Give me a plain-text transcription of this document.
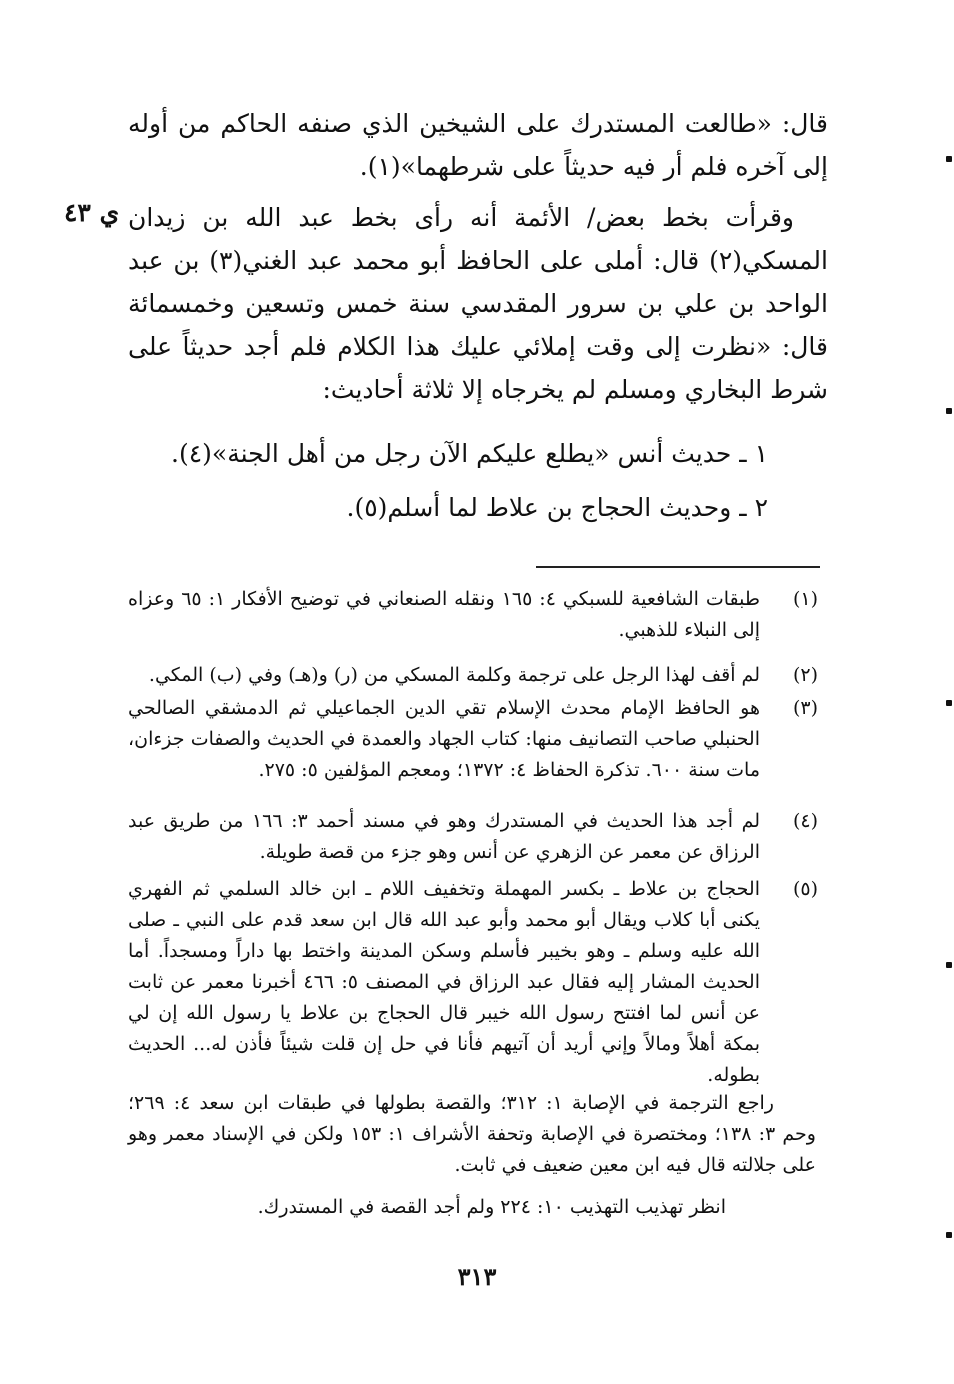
قال: «طالعت المستدرك على الشيخين الذي صنفه الحاكم من أوله إلى آخره فلم أر فيه حديثاً على شرطهما»(١).
وقرأت بخط بعض/ الأئمة أنه رأى بخط عبد الله بن زيدان المسكي(٢) قال: أملى على الحافظ أبو محمد عبد الغني(٣) بن عبد الواحد بن علي بن سرور المقدسي سنة خمس وتسعين وخمسمائة قال: «نظرت إلى وقت إملائي عليك هذا الكلام فلم أجد حديثاً على شرط البخاري ومسلم لم يخرجاه إلا ثلاثة أحاديث:
ي ٤٣
١ ـ حديث أنس «يطلع عليكم الآن رجل من أهل الجنة»(٤).
٢ ـ وحديث الحجاج بن علاط لما أسلم(٥).
(١)
طبقات الشافعية للسبكي ٤: ١٦٥ ونقله الصنعاني في توضيح الأفكار ١: ٦٥ وعزاه إلى النبلاء للذهبي.
(٢)
لم أقف لهذا الرجل على ترجمة وكلمة المسكي من (ر) و(هـ) وفي (ب) المكي.
(٣)
هو الحافظ الإمام محدث الإسلام تقي الدين الجماعيلي ثم الدمشقي الصالحي الحنبلي صاحب التصانيف منها: كتاب الجهاد والعمدة في الحديث والصفات جزءان، مات سنة ٦٠٠. تذكرة الحفاظ ٤: ١٣٧٢؛ ومعجم المؤلفين ٥: ٢٧٥.
(٤)
لم أجد هذا الحديث في المستدرك وهو في مسند أحمد ٣: ١٦٦ من طريق عبد الرزاق عن معمر عن الزهري عن أنس وهو جزء من قصة طويلة.
(٥)
الحجاج بن علاط ـ بكسر المهملة وتخفيف اللام ـ ابن خالد السلمي ثم الفهري يكنى أبا كلاب ويقال أبو محمد وأبو عبد الله قال ابن سعد قدم على النبي ـ صلى الله عليه وسلم ـ وهو بخيبر فأسلم وسكن المدينة واختط بها داراً ومسجداً. أما الحديث المشار إليه فقال عبد الرزاق في المصنف ٥: ٤٦٦ أخبرنا معمر عن ثابت عن أنس لما افتتح رسول الله خيبر قال الحجاج بن علاط يا رسول الله إن لي بمكة أهلاً ومالاً وإني أريد أن آتيهم فأنا في حل إن قلت شيئاً فأذن له... الحديث بطوله.
راجع الترجمة في الإصابة ١: ٣١٢؛ والقصة بطولها في طبقات ابن سعد ٤: ٢٦٩؛ وحم ٣: ١٣٨؛ ومختصرة في الإصابة وتحفة الأشراف ١: ١٥٣ ولكن في الإسناد معمر وهو على جلالته قال فيه ابن معين ضعيف في ثابت.
انظر تهذيب التهذيب ١٠: ٢٢٤ ولم أجد القصة في المستدرك.
٣١٣
